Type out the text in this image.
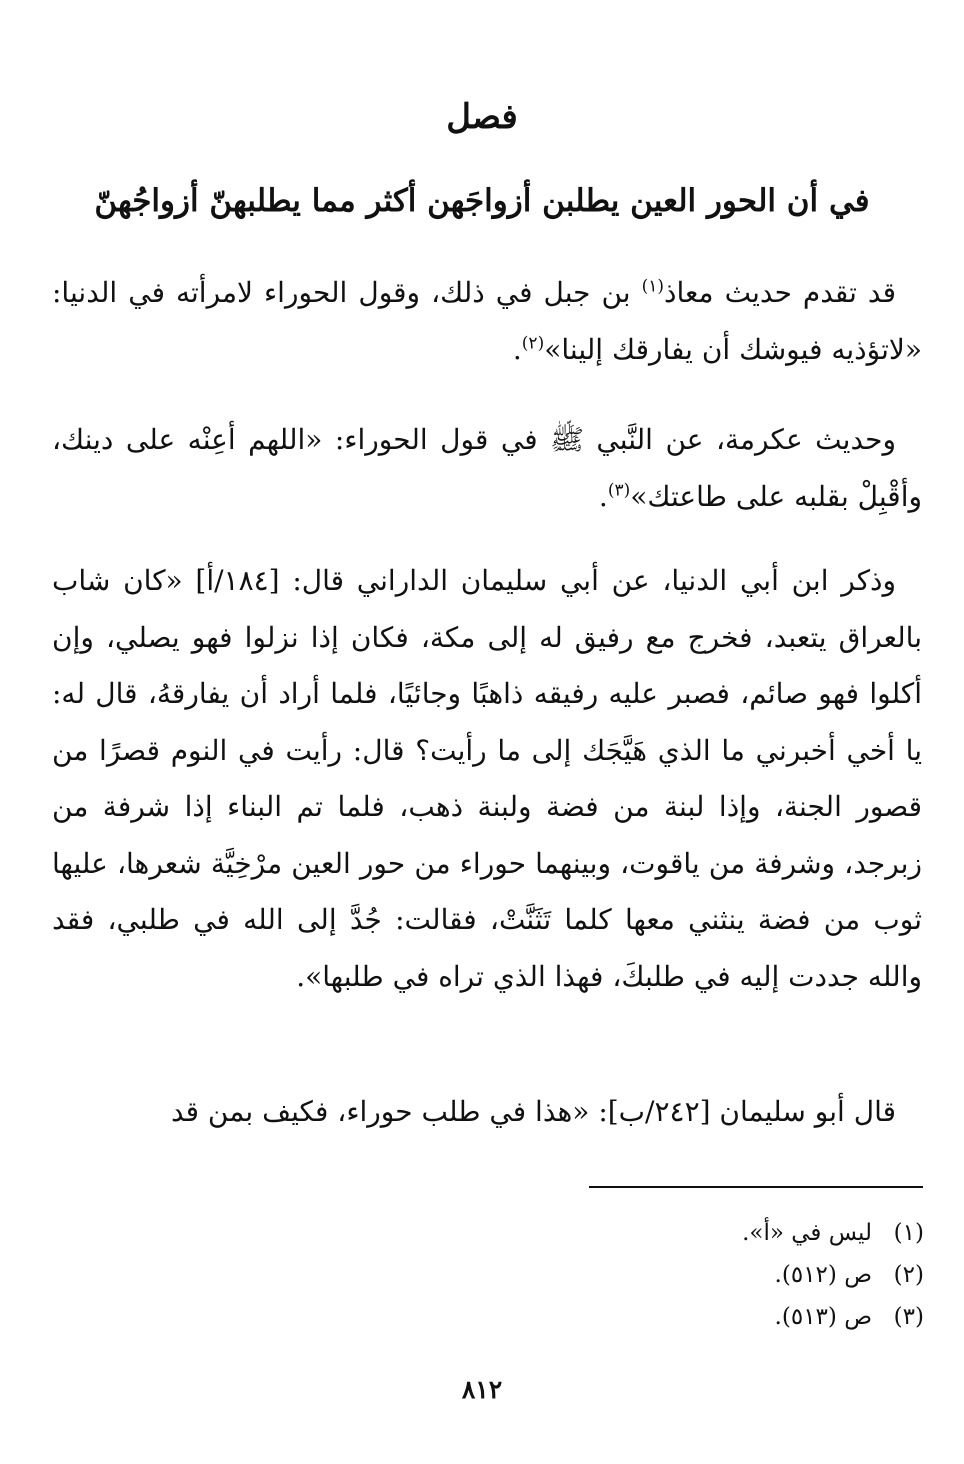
فصل
في أن الحور العين يطلبن أزواجَهن أكثر مما يطلبهنّ أزواجُهنّ

قد تقدم حديث معاذ$^{(١)}$ بن جبل في ذلك، وقول الحوراء لامرأته في الدنيا: «لاتؤذيه فيوشك أن يفارقك إلينا»$^{(٢)}$.

وحديث عكرمة، عن النَّبي ﷺ في قول الحوراء: «اللهم أعِنْه على دينك، وأقْبِلْ بقلبه على طاعتك»$^{(٣)}$.

وذكر ابن أبي الدنيا، عن أبي سليمان الداراني قال: [١٨٤/أ] «كان شاب بالعراق يتعبد، فخرج مع رفيق له إلى مكة، فكان إذا نزلوا فهو يصلي، وإن أكلوا فهو صائم، فصبر عليه رفيقه ذاهبًا وجائيًا، فلما أراد أن يفارقهُ، قال له: يا أخي أخبرني ما الذي هَيَّجَك إلى ما رأيت؟ قال: رأيت في النوم قصرًا من قصور الجنة، وإذا لبنة من فضة ولبنة ذهب، فلما تم البناء إذا شرفة من زبرجد، وشرفة من ياقوت، وبينهما حوراء من حور العين مرْخِيَّة شعرها، عليها ثوب من فضة ينثني معها كلما تَثَنَّتْ، فقالت: جُدَّ إلى الله في طلبي، فقد والله جددت إليه في طلبكَ، فهذا الذي تراه في طلبها».

قال أبو سليمان [٢٤٢/ب]: «هذا في طلب حوراء، فكيف بمن قد

(١)ليس في «أ».
(٢)ص (٥١٢).
(٣)ص (٥١٣).
٨١٢
